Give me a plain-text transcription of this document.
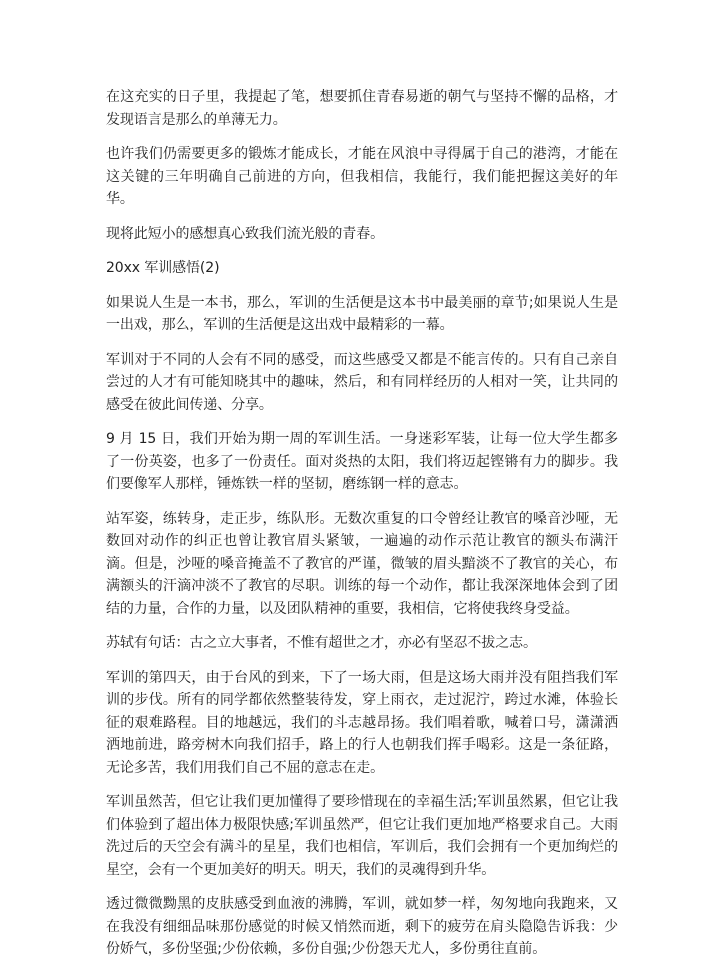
在这充实的日子里，我提起了笔，想要抓住青春易逝的朝气与坚持不懈的品格，才发现语言是那么的单薄无力。

也许我们仍需要更多的锻炼才能成长，才能在风浪中寻得属于自己的港湾，才能在这关键的三年明确自己前进的方向，但我相信，我能行，我们能把握这美好的年华。

现将此短小的感想真心致我们流光般的青春。

20xx 军训感悟(2)

如果说人生是一本书，那么，军训的生活便是这本书中最美丽的章节;如果说人生是一出戏，那么，军训的生活便是这出戏中最精彩的一幕。

军训对于不同的人会有不同的感受，而这些感受又都是不能言传的。只有自己亲自尝过的人才有可能知晓其中的趣味，然后，和有同样经历的人相对一笑，让共同的感受在彼此间传递、分享。

9 月 15 日，我们开始为期一周的军训生活。一身迷彩军装，让每一位大学生都多了一份英姿，也多了一份责任。面对炎热的太阳，我们将迈起铿锵有力的脚步。我们要像军人那样，锤炼铁一样的坚韧，磨练钢一样的意志。

站军姿，练转身，走正步，练队形。无数次重复的口令曾经让教官的嗓音沙哑，无数回对动作的纠正也曾让教官眉头紧皱，一遍遍的动作示范让教官的额头布满汗滴。但是，沙哑的嗓音掩盖不了教官的严谨，微皱的眉头黯淡不了教官的关心，布满额头的汗滴冲淡不了教官的尽职。训练的每一个动作，都让我深深地体会到了团结的力量，合作的力量，以及团队精神的重要，我相信，它将使我终身受益。

苏轼有句话：古之立大事者，不惟有超世之才，亦必有坚忍不拔之志。

军训的第四天，由于台风的到来，下了一场大雨，但是这场大雨并没有阻挡我们军训的步伐。所有的同学都依然整装待发，穿上雨衣，走过泥泞，跨过水滩，体验长征的艰难路程。目的地越远，我们的斗志越昂扬。我们唱着歌，喊着口号，潇潇洒洒地前进，路旁树木向我们招手，路上的行人也朝我们挥手喝彩。这是一条征路，无论多苦，我们用我们自己不屈的意志在走。

军训虽然苦，但它让我们更加懂得了要珍惜现在的幸福生活;军训虽然累，但它让我们体验到了超出体力极限快感;军训虽然严，但它让我们更加地严格要求自己。大雨洗过后的天空会有满斗的星星，我们也相信，军训后，我们会拥有一个更加绚烂的星空，会有一个更加美好的明天。明天，我们的灵魂得到升华。

透过微微黝黑的皮肤感受到血液的沸腾，军训，就如梦一样，匆匆地向我跑来，又在我没有细细品味那份感觉的时候又悄然而逝，剩下的疲劳在肩头隐隐告诉我：少份娇气，多份坚强;少份依赖，多份自强;少份怨天尤人，多份勇往直前。
